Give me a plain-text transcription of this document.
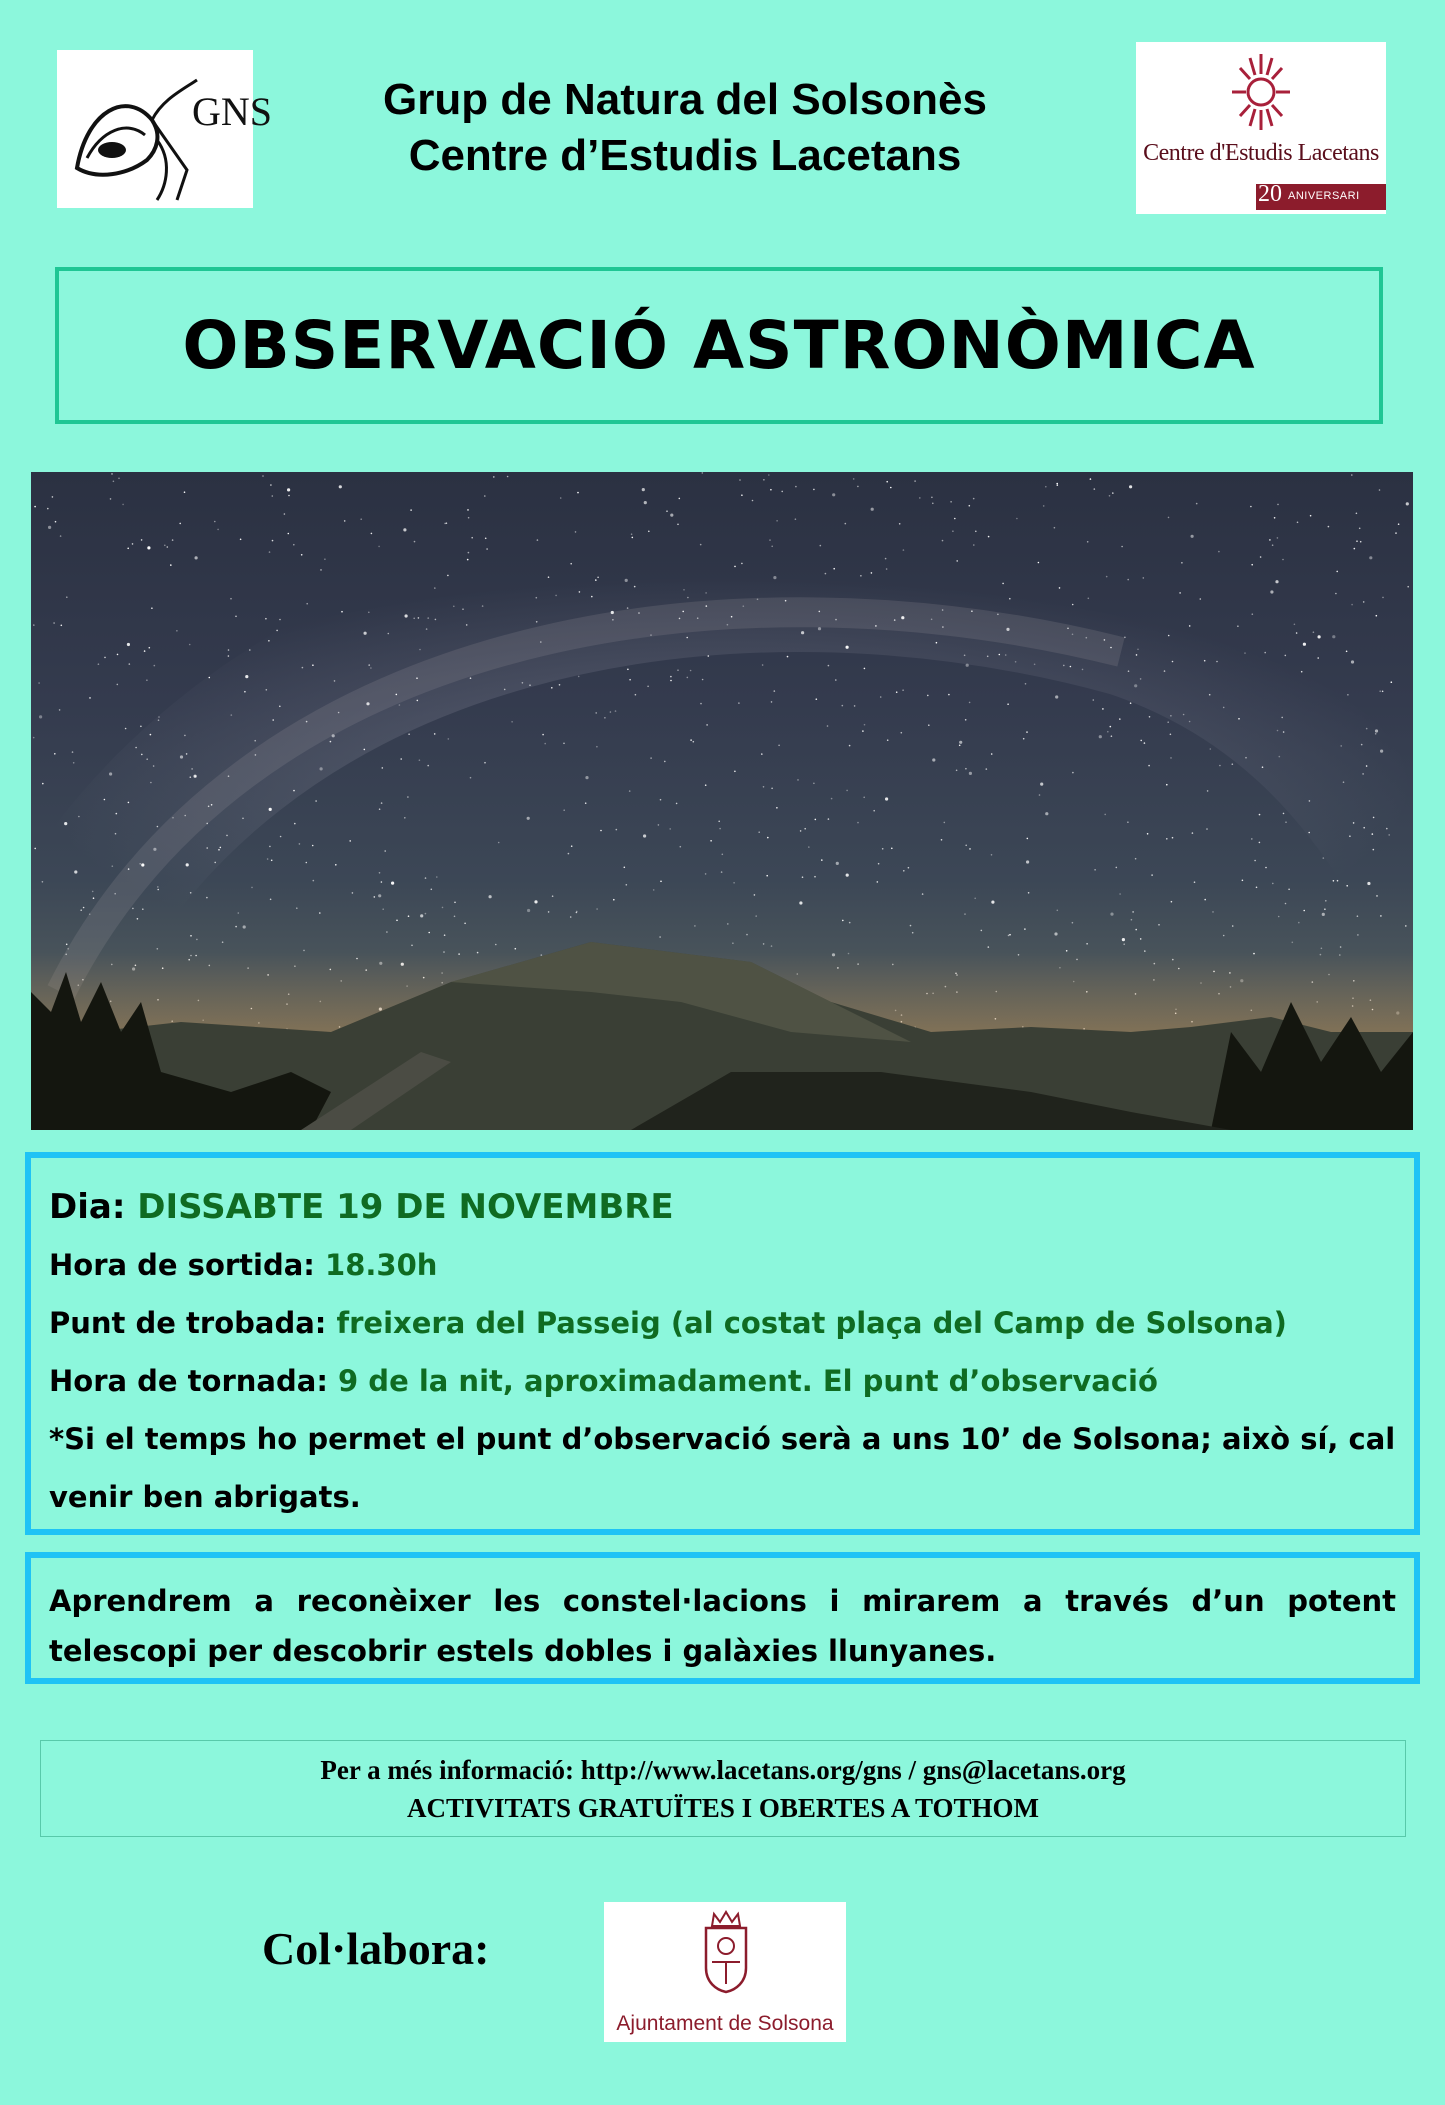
GNS	Grup de Natura del Solsonès
Centre d’Estudis Lacetans	Centre d'Estudis Lacetans
20 ANIVERSARI
OBSERVACIÓ ASTRONÒMICA
Dia: DISSABTE 19 DE NOVEMBRE
Hora de sortida: 18.30h
Punt de trobada: freixera del Passeig (al costat plaça del Camp de Solsona)
Hora de tornada: 9 de la nit, aproximadament. El punt d’observació
*Si el temps ho permet el punt d’observació serà a uns 10’ de Solsona; això sí, cal venir ben abrigats.
Aprendrem a reconèixer les constel·lacions i mirarem a través d’un potent telescopi per descobrir estels dobles i galàxies llunyanes.
Per a més informació: http://www.lacetans.org/gns / gns@lacetans.org
ACTIVITATS GRATUÏTES I OBERTES A TOTHOM
Col·labora:
Ajuntament de Solsona
